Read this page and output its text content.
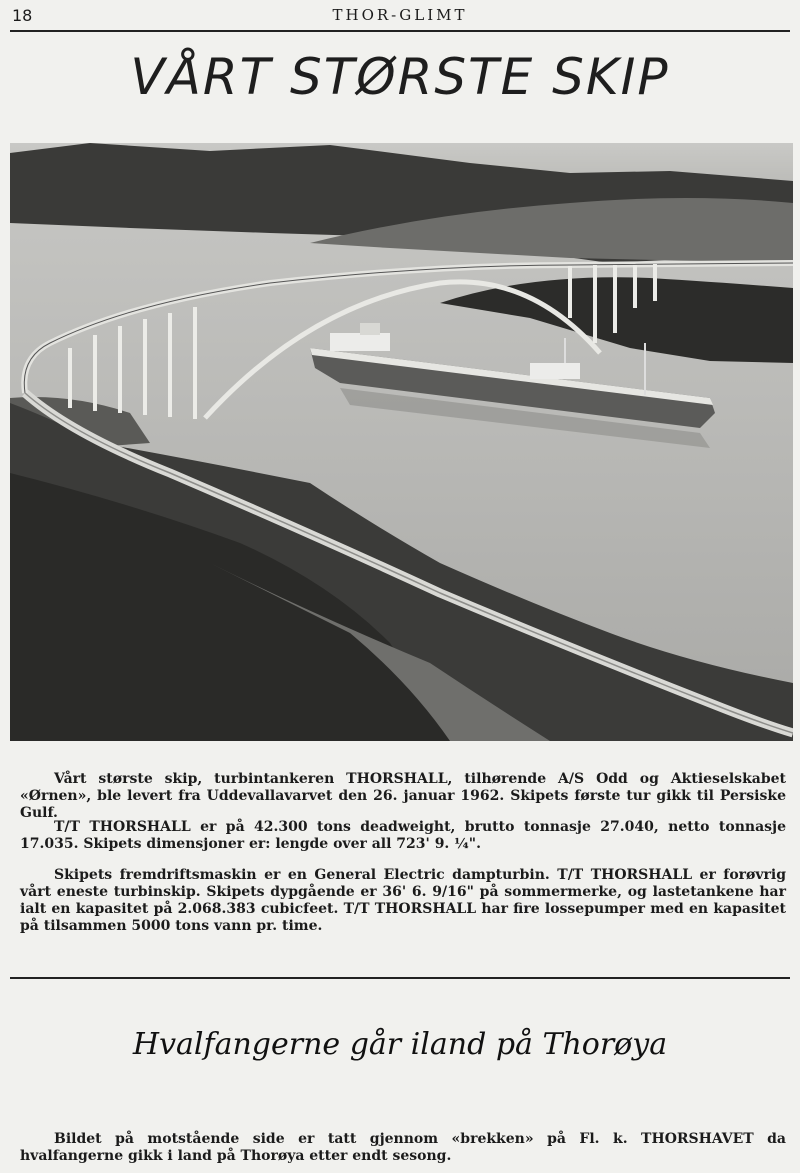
18	THOR-GLIMT
VÅRT STØRSTE SKIP

Vårt største skip, turbintankeren THORSHALL, tilhørende A/S Odd og Aktieselskabet «Ørnen», ble levert fra Uddevallavarvet den 26. januar 1962. Skipets første tur gikk til Persiske Gulf.

T/T THORSHALL er på 42.300 tons deadweight, brutto tonnasje 27.040, netto tonnasje 17.035. Skipets dimensjoner er: lengde over all 723' 9. ¼".

Skipets fremdriftsmaskin er en General Electric dampturbin. T/T THORSHALL er forøvrig vårt eneste turbinskip. Skipets dypgående er 36' 6. 9/16" på sommermerke, og lastetankene har ialt en kapasitet på 2.068.383 cubicfeet. T/T THORSHALL har fire lossepumper med en kapasitet på tilsammen 5000 tons vann pr. time.

Hvalfangerne går iland på Thorøya

Bildet på motstående side er tatt gjennom «brekken» på Fl. k. THORSHAVET da hvalfangerne gikk i land på Thorøya etter endt sesong.
